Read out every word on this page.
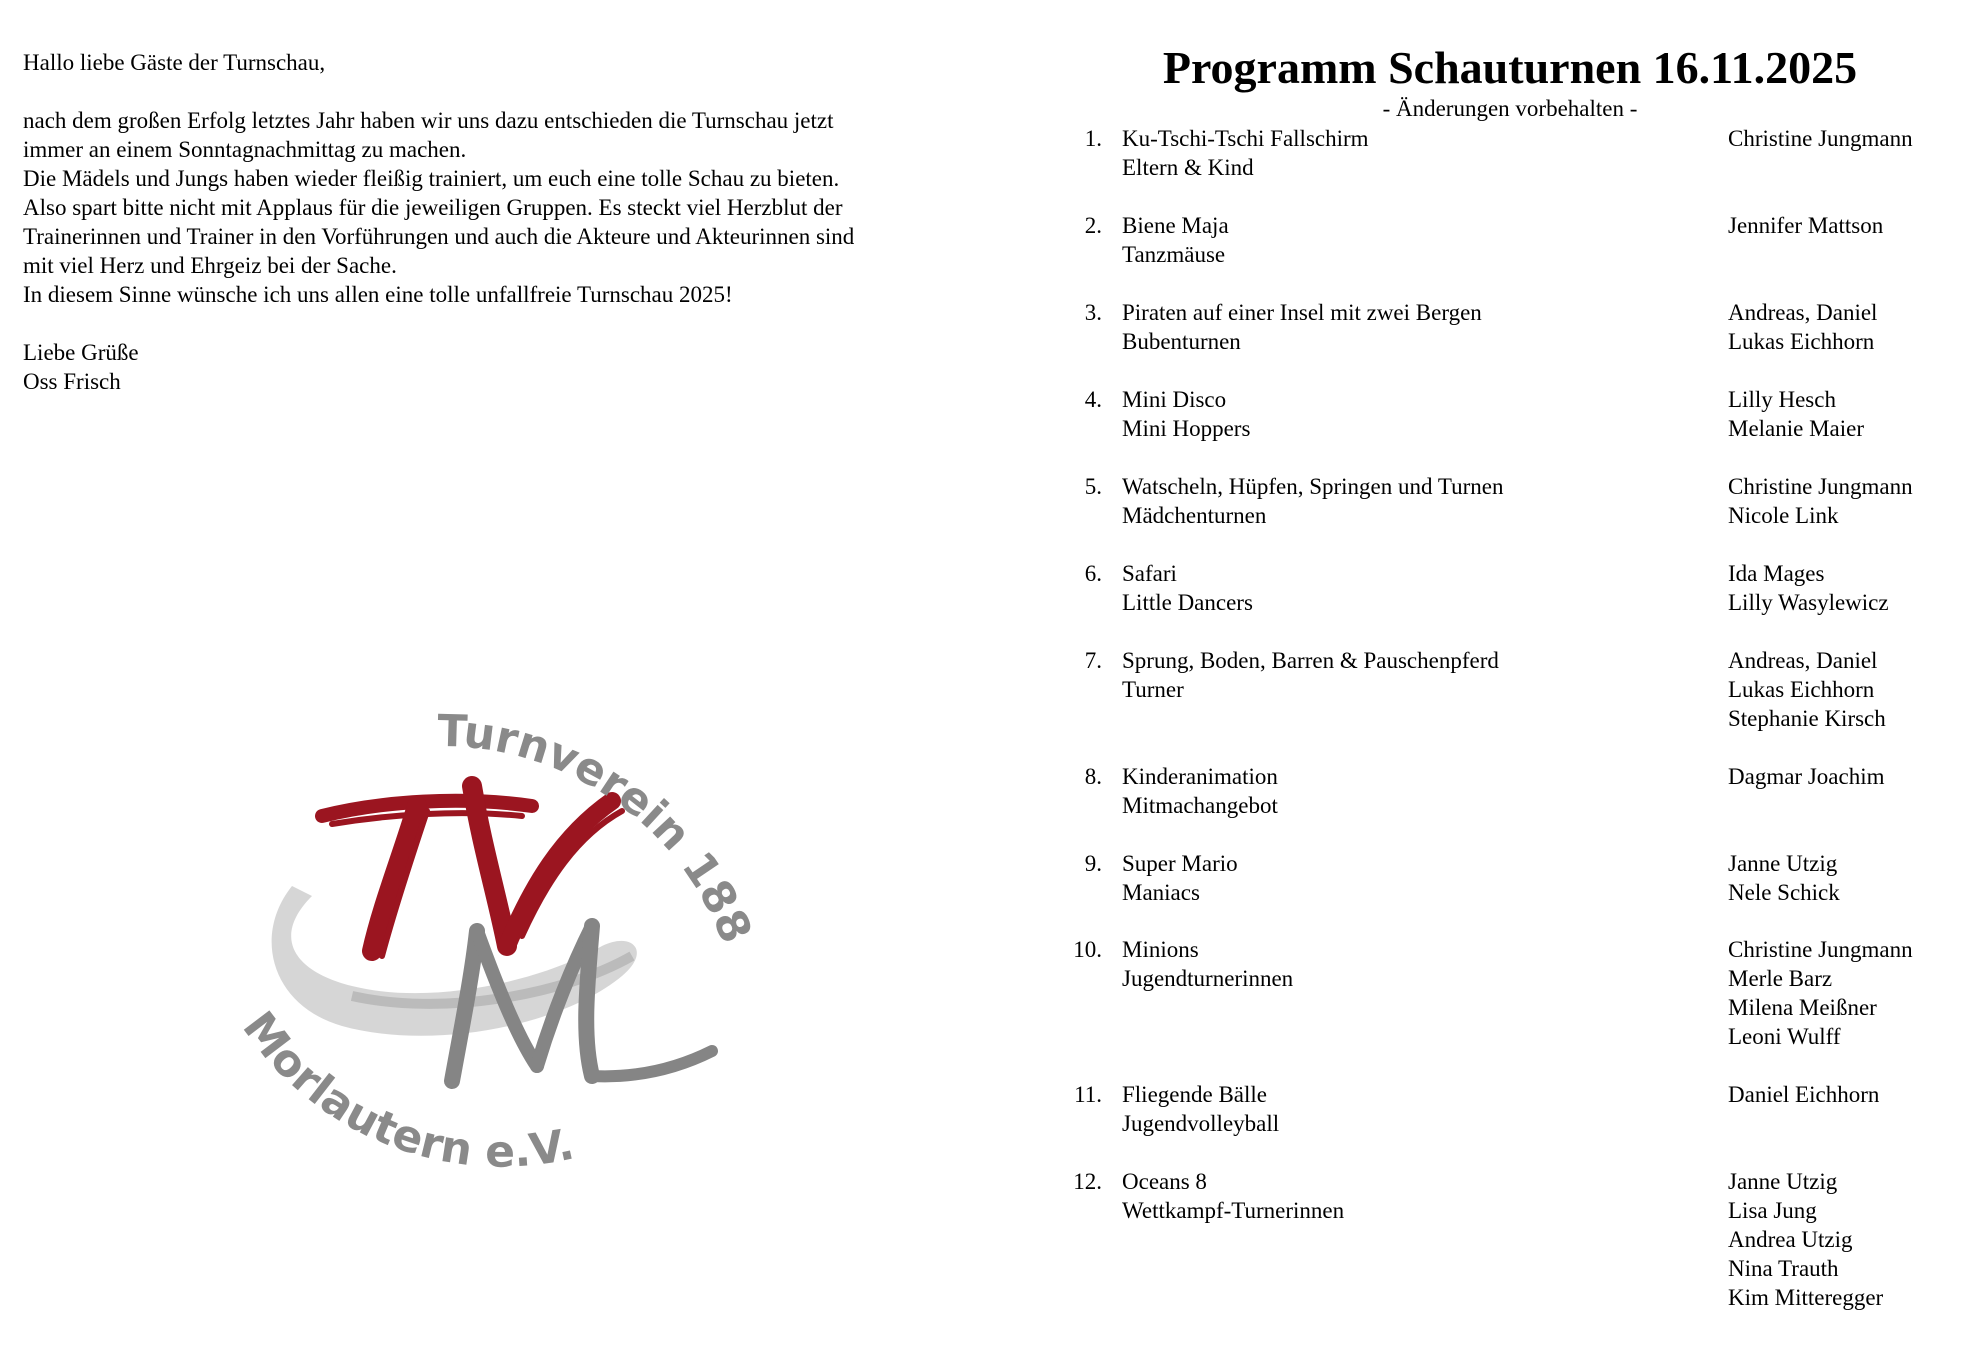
Hallo liebe Gäste der Turnschau,

nach dem großen Erfolg letztes Jahr haben wir uns dazu entschieden die Turnschau jetzt

immer an einem Sonntagnachmittag zu machen.

Die Mädels und Jungs haben wieder fleißig trainiert, um euch eine tolle Schau zu bieten.

Also spart bitte nicht mit Applaus für die jeweiligen Gruppen. Es steckt viel Herzblut der

Trainerinnen und Trainer in den Vorführungen und auch die Akteure und Akteurinnen sind

mit viel Herz und Ehrgeiz bei der Sache.

In diesem Sinne wünsche ich uns allen eine tolle unfallfreie Turnschau 2025!

Liebe Grüße

Oss Frisch

Turnverein 18
Morlautern e.V.
Programm Schauturnen 16.11.2025
- Änderungen vorbehalten -
1. Ku-Tschi-Tschi Fallschirm
Eltern & Kind
Christine Jungmann
2. Biene Maja
Tanzmäuse
Jennifer Mattson
3. Piraten auf einer Insel mit zwei Bergen
Bubenturnen
Andreas, Daniel
Lukas Eichhorn
4. Mini Disco
Mini Hoppers
Lilly Hesch
Melanie Maier
5. Watscheln, Hüpfen, Springen und Turnen
Mädchenturnen
Christine Jungmann
Nicole Link
6. Safari
Little Dancers
Ida Mages
Lilly Wasylewicz
7. Sprung, Boden, Barren & Pauschenpferd
Turner
Andreas, Daniel
Lukas Eichhorn
Stephanie Kirsch
8. Kinderanimation
Mitmachangebot
Dagmar Joachim
9. Super Mario
Maniacs
Janne Utzig
Nele Schick
10. Minions
Jugendturnerinnen
Christine Jungmann
Merle Barz
Milena Meißner
Leoni Wulff
11. Fliegende Bälle
Jugendvolleyball
Daniel Eichhorn
12. Oceans 8
Wettkampf-Turnerinnen
Janne Utzig
Lisa Jung
Andrea Utzig
Nina Trauth
Kim Mitteregger
